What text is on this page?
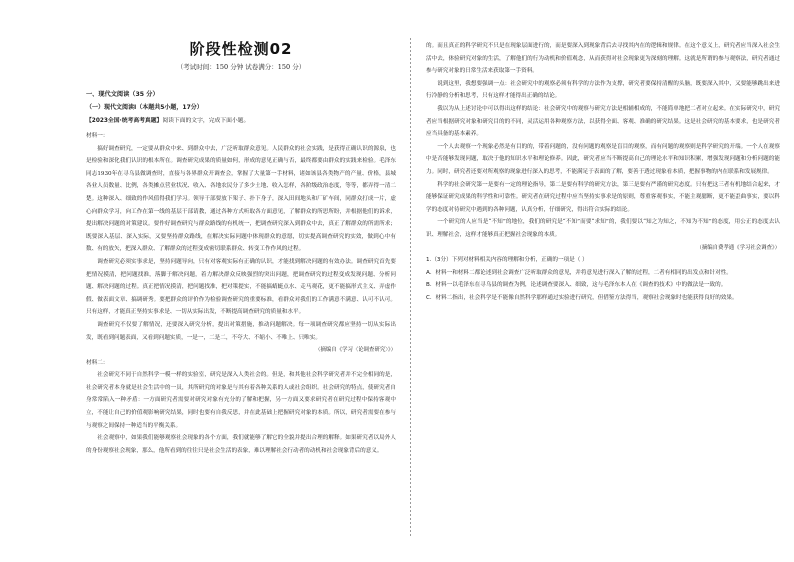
阶段性检测02

（考试时间：150 分钟 试卷满分：150 分）

一、现代文阅读（35 分）

（一）现代文阅读Ⅰ（本题共5小题，17分）

【2023全国·统考高考真题】阅读下面的文字，完成下面小题。

材料一：

搞好调查研究，一定要从群众中来、到群众中去，广泛听取群众意见。人民群众的社会实践，是获得正确认识的源泉，也是检验和深化我们认识的根本所在。调查研究成果的质量如何，形成的意见正确与否，最终都要由群众的实践来检验。毛泽东同志1930年在寻乌县做调查时，直接与各界群众开调查会，掌握了大量第一手材料，诸如该县各类物产的产量、价格，县城各业人员数量、比例，各类摊点营业状况、收入、各地农民分了多少土地、收入怎样，各阶级政治态度，等等，都弄得一清二楚。这种深入、细致的作风值得我们学习。领导干部要放下架子、扑下身子，深入田间地头和厂矿车间，同群众打成一片，虚心向群众学习，向工作在第一线的基层干部请教，通过各种方式听取各方面意见，了解群众的所思所盼，并根据他们的诉求，提出解决问题的对策建议。要作好调查研究与群众路线的有机统一，把调查研究深入到群众中去，真正了解群众的所需所求；既要深入基层、深入实际，又要坚持群众路线，在解决实际问题中体现群众的意愿，切实提高调查研究的实效，做到心中有数、有的放矢，把深入群众、了解群众的过程变成密切联系群众、转变工作作风的过程。

调查研究必须实事求是，坚持问题导向，只有对客观实际有正确的认识，才能找到解决问题的有效办法。调查研究首先要把情况摸清，把问题找准，落脚于解决问题，着力解决群众反映强烈的突出问题，把调查研究的过程变成发现问题、分析问题、解决问题的过程。真正把情况摸清，把问题找准，把对策提实，不能搞蜻蜓点水、走马观花，更不能搞形式主义、弄虚作假、做表面文章、搞调研秀。要把群众的评价作为检验调查研究的重要标准，看群众对我们的工作满意不满意、认可不认可。只有这样，才能真正坚持实事求是、一切从实际出发，不断提高调查研究的质量和水平。

调查研究不仅要了解情况，还要深入研究分析，提出对策措施，推动问题解决。每一项调查研究都应坚持一切从实际出发，既看到问题表面，又看到问题实质，一是一，二是二，不夸大、不缩小、不唯上、只唯实。

（摘编自《学习〈论调查研究〉》）

材料二：

社会研究不同于自然科学一模一样的实验室，研究是深入人类社会的。但是，和其他社会科学研究者并不完全相同的是，社会研究者本身就是社会生活中的一员，其所研究的对象是与其有着各种关系的人或社会组织。社会研究的特点，使研究者自身常常陷入一种矛盾：一方面研究者需要对研究对象有充分的了解和把握，另一方面又要求研究者在研究过程中保持客观中立，不能让自己的价值观影响研究结果，同时也要有自我反思，并在此基础上把握研究对象的本质。所以，研究者需要在参与与观察之间保持一种适当的平衡关系。

社会观察中，如果我们能够观察社会现象的各个方面，我们就能够了解它的全貌并提出合理的解释。如果研究者以局外人的身份观察社会现象，那么，他所看到的往往只是社会生活的表象，难以理解社会行动者的动机和社会现象背后的意义。

的。而且真正的科学研究不只是在现象层面进行的，而是要深入到现象背后去寻找其内在的逻辑和规律。在这个意义上，研究者应当深入社会生活中去，体验研究对象的生活，了解他们的行为动机和价值观念，从而获得对社会现象更为深刻的理解。这就是所谓的参与观察法，研究者通过参与研究对象的日常生活来获取第一手资料。

说到这里，我想要强调一点：社会研究中的观察必须有科学的方法作为支撑，研究者要保持清醒的头脑，既要深入其中，又要能够跳出来进行冷静的分析和思考，只有这样才能得出正确的结论。

我以为从上述讨论中可以得出这样的结论：社会研究中的观察与研究方法是相辅相成的，不能简单地把二者对立起来。在实际研究中，研究者应当根据研究对象和研究目的的不同，灵活运用各种观察方法，以获得全面、客观、准确的研究结果。这是社会研究的基本要求，也是研究者应当具备的基本素养。

一个人去观察一个现象必然是有目的的，带着问题的，没有问题的观察是盲目的观察，而有问题的观察则是科学研究的开端。一个人在观察中是否能够发现问题，取决于他的知识水平和理论修养。因此，研究者应当不断提高自己的理论水平和知识积累，增强发现问题和分析问题的能力。同时，研究者还要对所观察的现象进行深入的思考，不能满足于表面的了解，要善于透过现象看本质，把握事物的内在联系和发展规律。

科学的社会研究第一是要有一定的理论指导，第二是要有科学的研究方法，第三是要有严谨的研究态度。只有把这三者有机地结合起来，才能够保证研究成果的科学性和可靠性。研究者在研究过程中应当坚持实事求是的原则，尊重客观事实，不能主观臆断，更不能歪曲事实，要以科学的态度对待研究中遇到的各种问题，认真分析，仔细研究，得出符合实际的结论。

一个研究的人应当是“不知”的地位，我们的研究是“不知”而要“求知”的，我们要以“知之为知之，不知为不知”的态度，用公正的态度去认识、理解社会，这样才能够真正把握社会现象的本质。

（摘编自费孝通《学习社会调查》）

1.（3分）下列对材料相关内容的理解和分析，正确的一项是（ ）

A．材料一和材料二都论述到社会调查广泛听取群众的意见，并将意见进行深入了解的过程，二者有相同的出发点和针对性。

B．材料一以毛泽东在寻乌县的调查为例，论述调查要深入、细致，这与毛泽东本人在《调查的技术》中的做法是一致的。

C．材料二指出，社会科学是不能像自然科学那样通过实验进行研究，但借鉴方法得当，观察社会现象时也能获得良好的效果。
